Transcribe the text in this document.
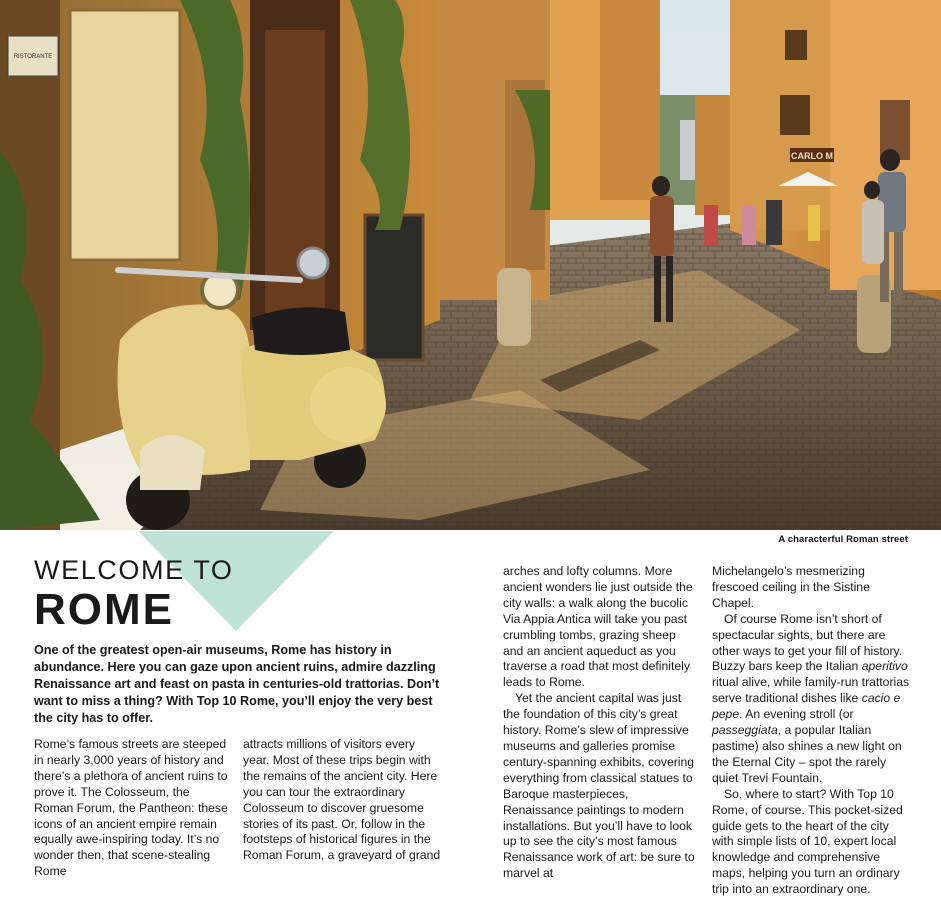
RISTORANTE
CARLO M
A characterful Roman street
WELCOME TO
ROME
One of the greatest open-air museums, Rome has history in abundance. Here you can gaze upon ancient ruins, admire dazzling Renaissance art and feast on pasta in centuries-old trattorias. Don’t want to miss a thing? With Top 10 Rome, you’ll enjoy the very best the city has to offer.

Rome’s famous streets are steeped in nearly 3,000 years of history and there’s a plethora of ancient ruins to prove it. The Colosseum, the Roman Forum, the Pantheon: these icons of an ancient empire remain equally awe-inspiring today. It’s no wonder then, that scene-stealing Rome

attracts millions of visitors every year. Most of these trips begin with the remains of the ancient city. Here you can tour the extraordinary Colosseum to discover gruesome stories of its past. Or, follow in the footsteps of historical figures in the Roman Forum, a graveyard of grand

arches and lofty columns. More ancient wonders lie just outside the city walls: a walk along the bucolic Via Appia Antica will take you past crumbling tombs, grazing sheep and an ancient aqueduct as you traverse a road that most definitely leads to Rome.

Yet the ancient capital was just the foundation of this city’s great history. Rome’s slew of impressive museums and galleries promise century-spanning exhibits, covering everything from classical statues to Baroque masterpieces, Renaissance paintings to modern installations. But you’ll have to look up to see the city’s most famous Renaissance work of art: be sure to marvel at

Michelangelo’s mesmerizing frescoed ceiling in the Sistine Chapel.

Of course Rome isn’t short of spectacular sights, but there are other ways to get your fill of history. Buzzy bars keep the Italian aperitivo ritual alive, while family-run trattorias serve traditional dishes like cacio e pepe. An evening stroll (or passeggiata, a popular Italian pastime) also shines a new light on the Eternal City – spot the rarely quiet Trevi Fountain.

So, where to start? With Top 10 Rome, of course. This pocket-sized guide gets to the heart of the city with simple lists of 10, expert local knowledge and comprehensive maps, helping you turn an ordinary trip into an extraordinary one.
